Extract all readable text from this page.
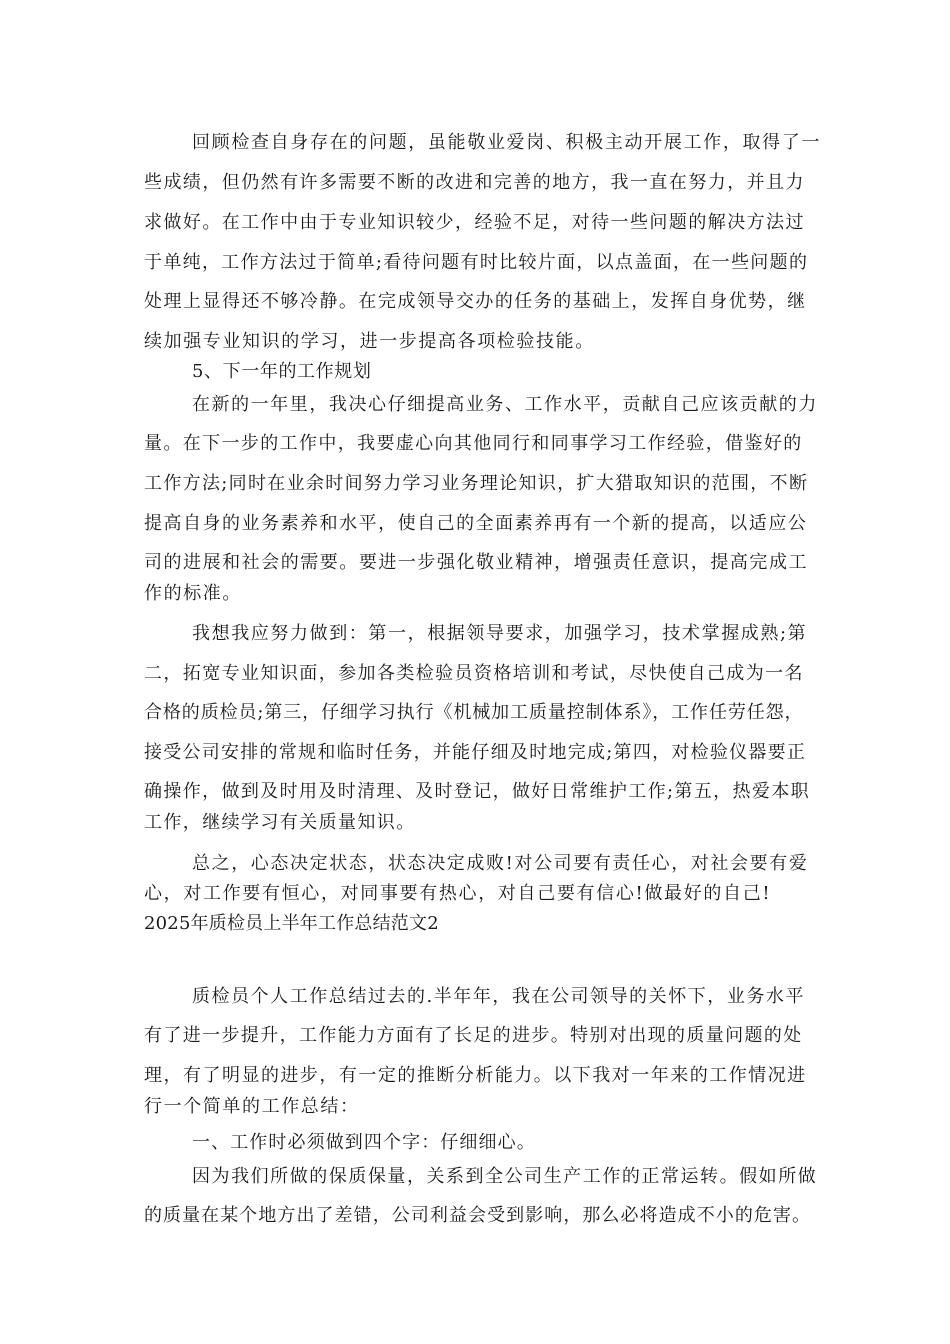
回顾检查自身存在的问题，虽能敬业爱岗、积极主动开展工作，取得了一
些成绩，但仍然有许多需要不断的改进和完善的地方，我一直在努力，并且力
求做好。在工作中由于专业知识较少，经验不足，对待一些问题的解决方法过
于单纯，工作方法过于简单;看待问题有时比较片面，以点盖面，在一些问题的
处理上显得还不够冷静。在完成领导交办的任务的基础上，发挥自身优势，继
续加强专业知识的学习，进一步提高各项检验技能。
5、下一年的工作规划
在新的一年里，我决心仔细提高业务、工作水平，贡献自己应该贡献的力
量。在下一步的工作中，我要虚心向其他同行和同事学习工作经验，借鉴好的
工作方法;同时在业余时间努力学习业务理论知识，扩大猎取知识的范围，不断
提高自身的业务素养和水平，使自己的全面素养再有一个新的提高，以适应公
司的进展和社会的需要。要进一步强化敬业精神，增强责任意识，提高完成工
作的标准。
我想我应努力做到：第一，根据领导要求，加强学习，技术掌握成熟;第
二，拓宽专业知识面，参加各类检验员资格培训和考试，尽快使自己成为一名
合格的质检员;第三，仔细学习执行《机械加工质量控制体系》，工作任劳任怨，
接受公司安排的常规和临时任务，并能仔细及时地完成;第四，对检验仪器要正
确操作，做到及时用及时清理、及时登记，做好日常维护工作;第五，热爱本职
工作，继续学习有关质量知识。
总之，心态决定状态，状态决定成败!对公司要有责任心，对社会要有爱
心，对工作要有恒心，对同事要有热心，对自己要有信心!做最好的自己!
2025年质检员上半年工作总结范文2
质检员个人工作总结过去的.半年年，我在公司领导的关怀下，业务水平
有了进一步提升，工作能力方面有了长足的进步。特别对出现的质量问题的处
理，有了明显的进步，有一定的推断分析能力。以下我对一年来的工作情况进
行一个简单的工作总结：
一、工作时必须做到四个字：仔细细心。
因为我们所做的保质保量，关系到全公司生产工作的正常运转。假如所做
的质量在某个地方出了差错，公司利益会受到影响，那么必将造成不小的危害。
